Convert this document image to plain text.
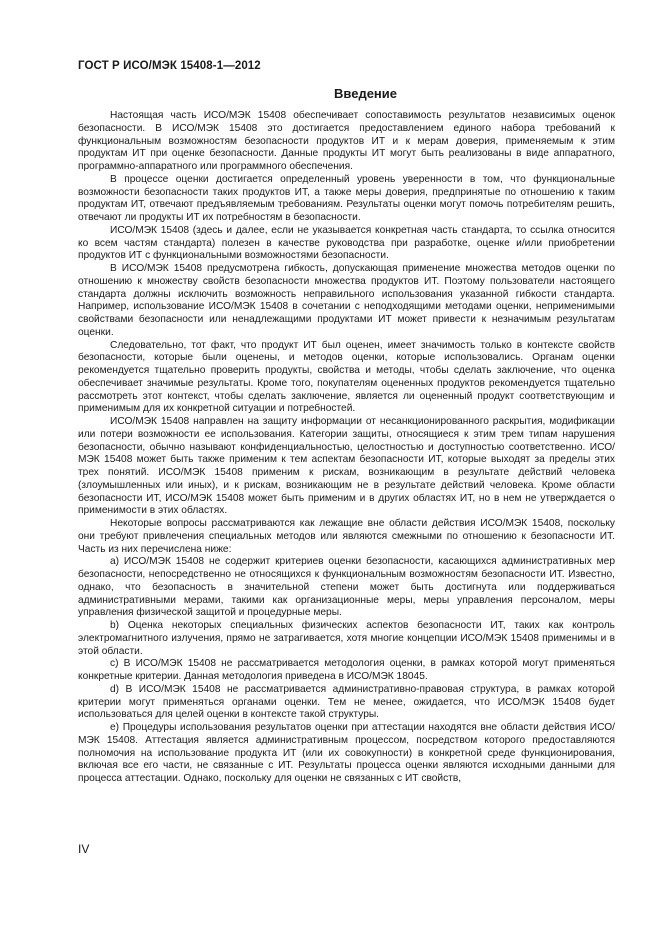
ГОСТ Р ИСО/МЭК 15408-1—2012
Введение

Настоящая часть ИСО/МЭК 15408 обеспечивает сопоставимость результатов независимых оценок безопасности. В ИСО/МЭК 15408 это достигается предоставлением единого набора требований к функциональным возможностям безопасности продуктов ИТ и к мерам доверия, применяемым к этим продуктам ИТ при оценке безопасности. Данные продукты ИТ могут быть реализованы в виде аппаратного, программно-аппаратного или программного обеспечения.

В процессе оценки достигается определенный уровень уверенности в том, что функциональные возможности безопасности таких продуктов ИТ, а также меры доверия, предпринятые по отношению к таким продуктам ИТ, отвечают предъявляемым требованиям. Результаты оценки могут помочь потребителям решить, отвечают ли продукты ИТ их потребностям в безопасности.

ИСО/МЭК 15408 (здесь и далее, если не указывается конкретная часть стандарта, то ссылка относится ко всем частям стандарта) полезен в качестве руководства при разработке, оценке и/или приобретении продуктов ИТ с функциональными возможностями безопасности.

В ИСО/МЭК 15408 предусмотрена гибкость, допускающая применение множества методов оценки по отношению к множеству свойств безопасности множества продуктов ИТ. Поэтому пользователи настоящего стандарта должны исключить возможность неправильного использования указанной гибкости стандарта. Например, использование ИСО/МЭК 15408 в сочетании с неподходящими методами оценки, неприменимыми свойствами безопасности или ненадлежащими продуктами ИТ может привести к незначимым результатам оценки.

Следовательно, тот факт, что продукт ИТ был оценен, имеет значимость только в контексте свойств безопасности, которые были оценены, и методов оценки, которые использовались. Органам оценки рекомендуется тщательно проверить продукты, свойства и методы, чтобы сделать заключение, что оценка обеспечивает значимые результаты. Кроме того, покупателям оцененных продуктов рекомендуется тщательно рассмотреть этот контекст, чтобы сделать заключение, является ли оцененный продукт соответствующим и применимым для их конкретной ситуации и потребностей.

ИСО/МЭК 15408 направлен на защиту информации от несанкционированного раскрытия, модификации или потери возможности ее использования. Категории защиты, относящиеся к этим трем типам нарушения безопасности, обычно называют конфиденциальностью, целостностью и доступностью соответственно. ИСО/МЭК 15408 может быть также применим к тем аспектам безопасности ИТ, которые выходят за пределы этих трех понятий. ИСО/МЭК 15408 применим к рискам, возникающим в результате действий человека (злоумышленных или иных), и к рискам, возникающим не в результате действий человека. Кроме области безопасности ИТ, ИСО/МЭК 15408 может быть применим и в других областях ИТ, но в нем не утверждается о применимости в этих областях.

Некоторые вопросы рассматриваются как лежащие вне области действия ИСО/МЭК 15408, поскольку они требуют привлечения специальных методов или являются смежными по отношению к безопасности ИТ. Часть из них перечислена ниже:

а) ИСО/МЭК 15408 не содержит критериев оценки безопасности, касающихся административных мер безопасности, непосредственно не относящихся к функциональным возможностям безопасности ИТ. Известно, однако, что безопасность в значительной степени может быть достигнута или поддерживаться административными мерами, такими как организационные меры, меры управления персоналом, меры управления физической защитой и процедурные меры.

b) Оценка некоторых специальных физических аспектов безопасности ИТ, таких как контроль электромагнитного излучения, прямо не затрагивается, хотя многие концепции ИСО/МЭК 15408 применимы и в этой области.

c) В ИСО/МЭК 15408 не рассматривается методология оценки, в рамках которой могут применяться конкретные критерии. Данная методология приведена в ИСО/МЭК 18045.

d) В ИСО/МЭК 15408 не рассматривается административно-правовая структура, в рамках которой критерии могут применяться органами оценки. Тем не менее, ожидается, что ИСО/МЭК 15408 будет использоваться для целей оценки в контексте такой структуры.

e) Процедуры использования результатов оценки при аттестации находятся вне области действия ИСО/МЭК 15408. Аттестация является административным процессом, посредством которого предоставляются полномочия на использование продукта ИТ (или их совокупности) в конкретной среде функционирования, включая все его части, не связанные с ИТ. Результаты процесса оценки являются исходными данными для процесса аттестации. Однако, поскольку для оценки не связанных с ИТ свойств,

IV
